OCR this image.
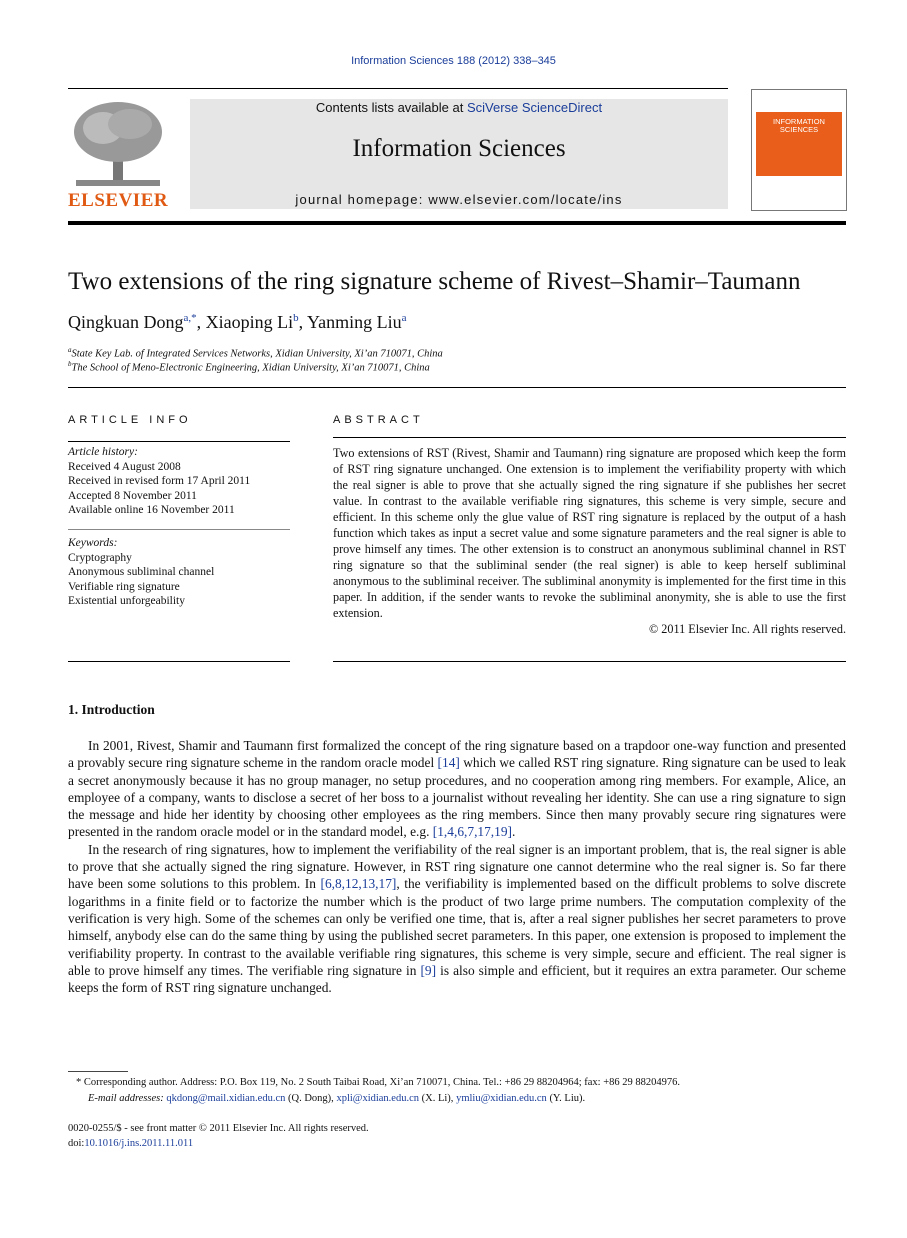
Information Sciences 188 (2012) 338–345
ELSEVIER
Contents lists available at SciVerse ScienceDirect
Information Sciences
journal homepage: www.elsevier.com/locate/ins
INFORMATION SCIENCES
Two extensions of the ring signature scheme of Rivest–Shamir–Taumann
Qingkuan Dong$^{a,*}$, Xiaoping Li$^b$, Yanming Liu$^a$
$^a$State Key Lab. of Integrated Services Networks, Xidian University, Xi’an 710071, China
$^b$The School of Meno-Electronic Engineering, Xidian University, Xi’an 710071, China
ARTICLE INFO
Article history:
Received 4 August 2008
Received in revised form 17 April 2011
Accepted 8 November 2011
Available online 16 November 2011
Keywords:
Cryptography
Anonymous subliminal channel
Verifiable ring signature
Existential unforgeability
ABSTRACT
Two extensions of RST (Rivest, Shamir and Taumann) ring signature are proposed which keep the form of RST ring signature unchanged. One extension is to implement the verifiability property with which the real signer is able to prove that she actually signed the ring signature if she publishes her secret value. In contrast to the available verifiable ring signatures, this scheme is very simple, secure and efficient. In this scheme only the glue value of RST ring signature is replaced by the output of a hash function which takes as input a secret value and some signature parameters and the real signer is able to prove himself any times. The other extension is to construct an anonymous subliminal channel in RST ring signature so that the subliminal sender (the real signer) is able to keep herself subliminal anonymous to the subliminal receiver. The subliminal anonymity is implemented for the first time in this paper. In addition, if the sender wants to revoke the subliminal anonymity, she is able to use the first extension.
© 2011 Elsevier Inc. All rights reserved.
1. Introduction

In 2001, Rivest, Shamir and Taumann first formalized the concept of the ring signature based on a trapdoor one-way function and presented a provably secure ring signature scheme in the random oracle model [14] which we called RST ring signature. Ring signature can be used to leak a secret anonymously because it has no group manager, no setup procedures, and no cooperation among ring members. For example, Alice, an employee of a company, wants to disclose a secret of her boss to a journalist without revealing her identity. She can use a ring signature to sign the message and hide her identity by choosing other employees as the ring members. Since then many provably secure ring signatures were presented in the random oracle model or in the standard model, e.g. [1,4,6,7,17,19].

In the research of ring signatures, how to implement the verifiability of the real signer is an important problem, that is, the real signer is able to prove that she actually signed the ring signature. However, in RST ring signature one cannot determine who the real signer is. So far there have been some solutions to this problem. In [6,8,12,13,17], the verifiability is implemented based on the difficult problems to solve discrete logarithms in a finite field or to factorize the number which is the product of two large prime numbers. The computation complexity of the verification is very high. Some of the schemes can only be verified one time, that is, after a real signer publishes her secret parameters to prove himself, anybody else can do the same thing by using the published secret parameters. In this paper, one extension is proposed to implement the verifiability property. In contrast to the available verifiable ring signatures, this scheme is very simple, secure and efficient. The real signer is able to prove himself any times. The verifiable ring signature in [9] is also simple and efficient, but it requires an extra parameter. Our scheme keeps the form of RST ring signature unchanged.

* Corresponding author. Address: P.O. Box 119, No. 2 South Taibai Road, Xi’an 710071, China. Tel.: +86 29 88204964; fax: +86 29 88204976.
E-mail addresses: qkdong@mail.xidian.edu.cn (Q. Dong), xpli@xidian.edu.cn (X. Li), ymliu@xidian.edu.cn (Y. Liu).
0020-0255/$ - see front matter © 2011 Elsevier Inc. All rights reserved.
doi:10.1016/j.ins.2011.11.011
